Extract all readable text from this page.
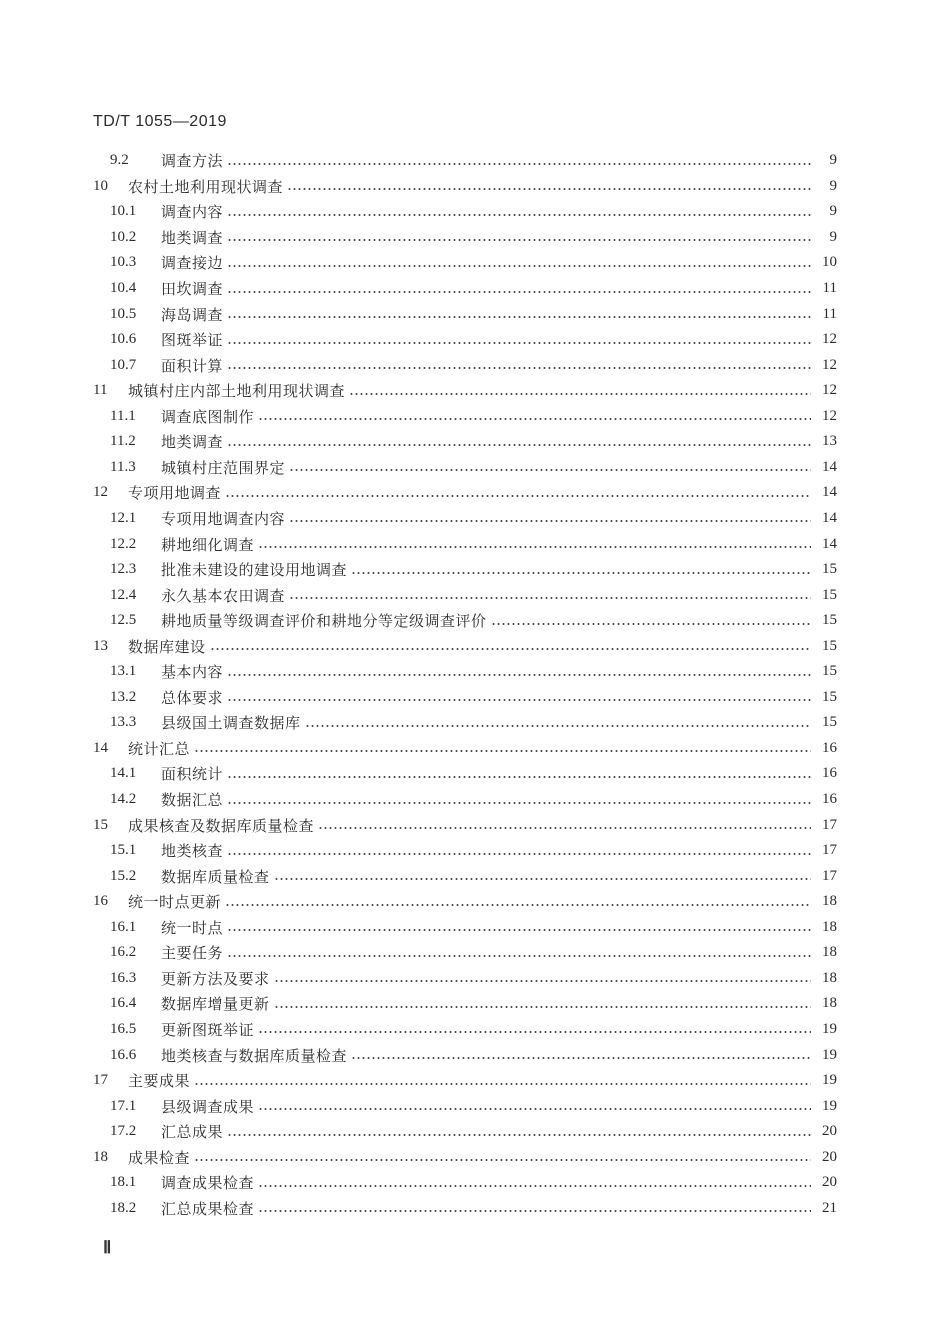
TD/T 1055—2019
9.2	调查方法	9
10	农村土地利用现状调查	9
10.1	调查内容	9
10.2	地类调查	9
10.3	调查接边	10
10.4	田坎调查	11
10.5	海岛调查	11
10.6	图斑举证	12
10.7	面积计算	12
11	城镇村庄内部土地利用现状调查	12
11.1	调查底图制作	12
11.2	地类调查	13
11.3	城镇村庄范围界定	14
12	专项用地调查	14
12.1	专项用地调查内容	14
12.2	耕地细化调查	14
12.3	批准未建设的建设用地调查	15
12.4	永久基本农田调查	15
12.5	耕地质量等级调查评价和耕地分等定级调查评价	15
13	数据库建设	15
13.1	基本内容	15
13.2	总体要求	15
13.3	县级国土调查数据库	15
14	统计汇总	16
14.1	面积统计	16
14.2	数据汇总	16
15	成果核查及数据库质量检查	17
15.1	地类核查	17
15.2	数据库质量检查	17
16	统一时点更新	18
16.1	统一时点	18
16.2	主要任务	18
16.3	更新方法及要求	18
16.4	数据库增量更新	18
16.5	更新图斑举证	19
16.6	地类核查与数据库质量检查	19
17	主要成果	19
17.1	县级调查成果	19
17.2	汇总成果	20
18	成果检查	20
18.1	调查成果检查	20
18.2	汇总成果检查	21
Ⅱ
